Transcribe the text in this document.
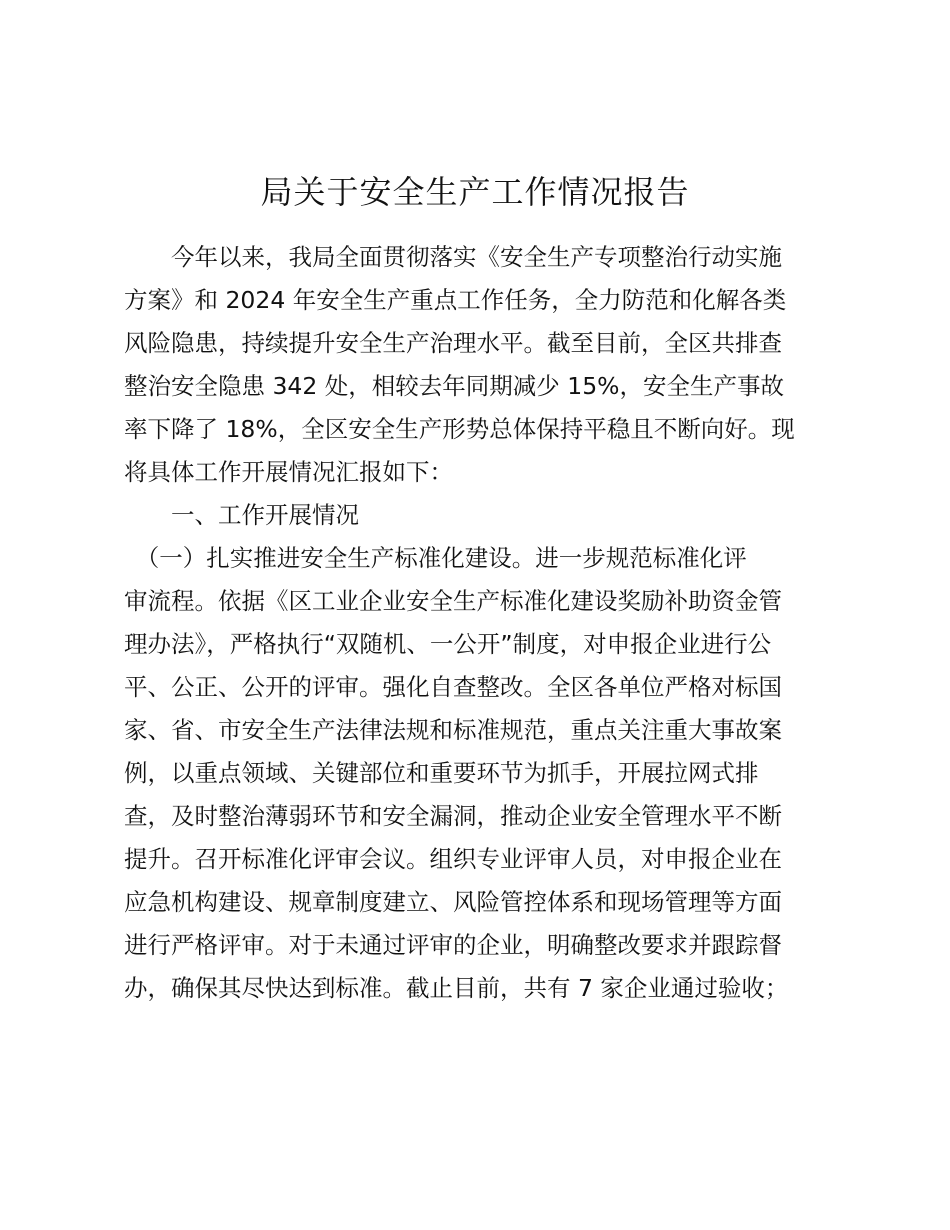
局关于安全生产工作情况报告

　　今年以来，我局全面贯彻落实《安全生产专项整治行动实施

方案》和 2024 年安全生产重点工作任务，全力防范和化解各类

风险隐患，持续提升安全生产治理水平。截至目前，全区共排查

整治安全隐患 342 处，相较去年同期减少 15%，安全生产事故

率下降了 18%，全区安全生产形势总体保持平稳且不断向好。现

将具体工作开展情况汇报如下：

　　一、工作开展情况

　（一）扎实推进安全生产标准化建设。进一步规范标准化评

审流程。依据《区工业企业安全生产标准化建设奖励补助资金管

理办法》，严格执行“双随机、一公开”制度，对申报企业进行公

平、公正、公开的评审。强化自查整改。全区各单位严格对标国

家、省、市安全生产法律法规和标准规范，重点关注重大事故案

例，以重点领域、关键部位和重要环节为抓手，开展拉网式排

查，及时整治薄弱环节和安全漏洞，推动企业安全管理水平不断

提升。召开标准化评审会议。组织专业评审人员，对申报企业在

应急机构建设、规章制度建立、风险管控体系和现场管理等方面

进行严格评审。对于未通过评审的企业，明确整改要求并跟踪督

办，确保其尽快达到标准。截止目前，共有 7 家企业通过验收；
